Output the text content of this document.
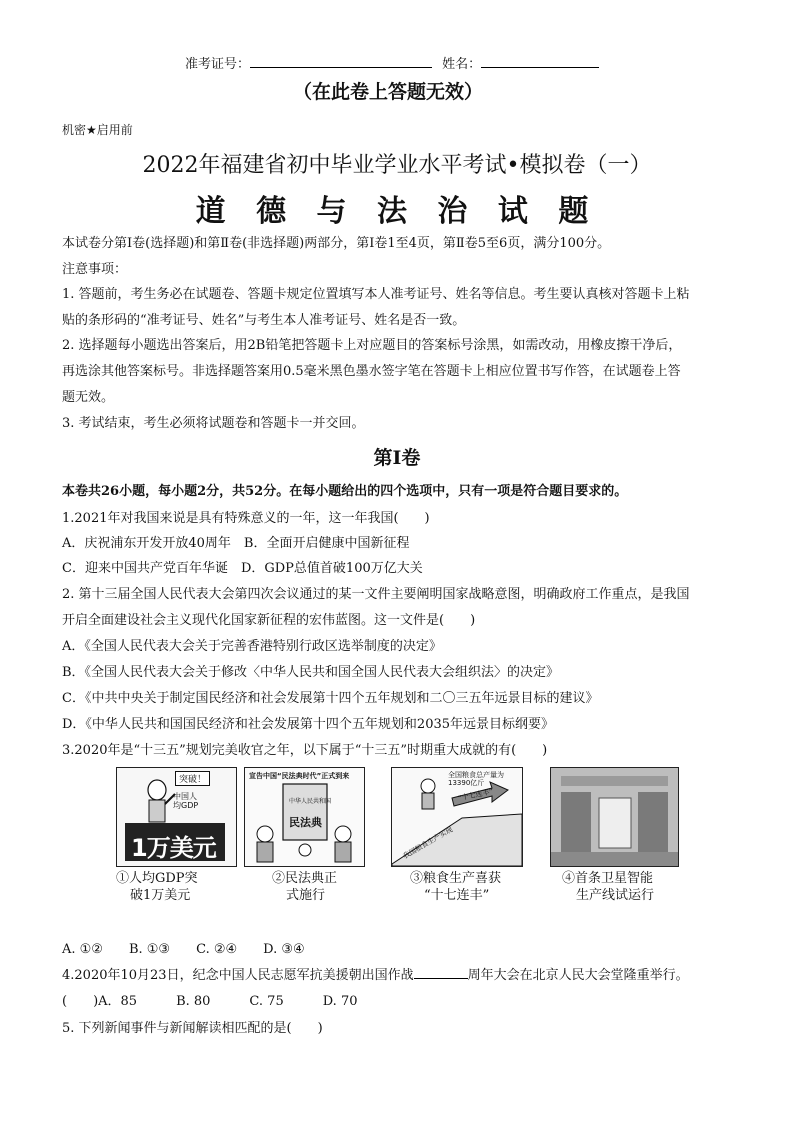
准考证号：	姓名：
（在此卷上答题无效）
机密★启用前
2022年福建省初中毕业学业水平考试•模拟卷（一）
道 德 与 法 治 试 题
本试卷分第Ⅰ卷(选择题)和第Ⅱ卷(非选择题)两部分，第Ⅰ卷1至4页，第Ⅱ卷5至6页，满分100分。
注意事项：
1. 答题前，考生务必在试题卷、答题卡规定位置填写本人准考证号、姓名等信息。考生要认真核对答题卡上粘
贴的条形码的“准考证号、姓名”与考生本人准考证号、姓名是否一致。
2. 选择题每小题选出答案后，用2B铅笔把答题卡上对应题目的答案标号涂黑，如需改动，用橡皮擦干净后，
再选涂其他答案标号。非选择题答案用0.5毫米黑色墨水签字笔在答题卡上相应位置书写作答，在试题卷上答
题无效。
3. 考试结束，考生必须将试题卷和答题卡一并交回。
第Ⅰ卷
本卷共26小题，每小题2分，共52分。在每小题给出的四个选项中，只有一项是符合题目要求的。
1.2021年对我国来说是具有特殊意义的一年，这一年我国(　　)
A．庆祝浦东开发开放40周年　B．全面开启健康中国新征程
C．迎来中国共产党百年华诞　D．GDP总值首破100万亿大关
2. 第十三届全国人民代表大会第四次会议通过的某一文件主要阐明国家战略意图，明确政府工作重点，是我国
开启全面建设社会主义现代化国家新征程的宏伟蓝图。这一文件是(　　)
A．《全国人民代表大会关于完善香港特别行政区选举制度的决定》
B．《全国人民代表大会关于修改〈中华人民共和国全国人民代表大会组织法〉的决定》
C．《中共中央关于制定国民经济和社会发展第十四个五年规划和二〇三五年远景目标的建议》
D．《中华人民共和国国民经济和社会发展第十四个五年规划和2035年远景目标纲要》
3.2020年是“十三五”规划完美收官之年，以下属于“十三五”时期重大成就的有(　　)
突破！
中国人均GDP
1万美元
①人均GDP突
破1万美元
宣告中国“民法典时代”正式到来
中华人民共和国
民法典
②民法典正
式施行
全国粮食总产量为13390亿斤
“十七连丰”
我国粮食生产实现
③粮食生产喜获
“十七连丰”
④首条卫星智能
生产线试运行
A. ①②　　B. ①③　　C. ②④　　D. ③④
4.2020年10月23日，纪念中国人民志愿军抗美援朝出国作战	周年大会在北京人民大会堂隆重举行。
(　　)A．85　　　B. 80　　　C. 75　　　D. 70
5. 下列新闻事件与新闻解读相匹配的是(　　)
